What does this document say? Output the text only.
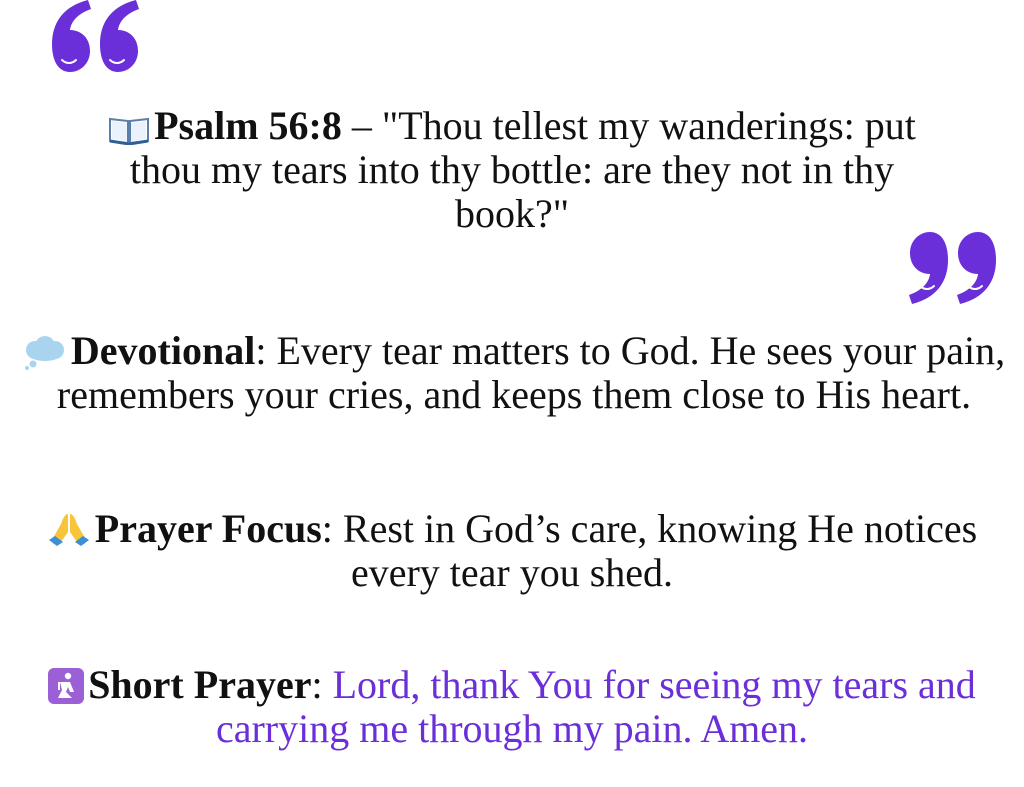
Psalm 56:8 – "Thou tellest my wanderings: put thou my tears into thy bottle: are they not in thy book?"
Devotional: Every tear matters to God. He sees your pain, remembers your cries, and keeps them close to His heart.
Prayer Focus: Rest in God’s care, knowing He notices every tear you shed.
Short Prayer: Lord, thank You for seeing my tears and carrying me through my pain. Amen.
